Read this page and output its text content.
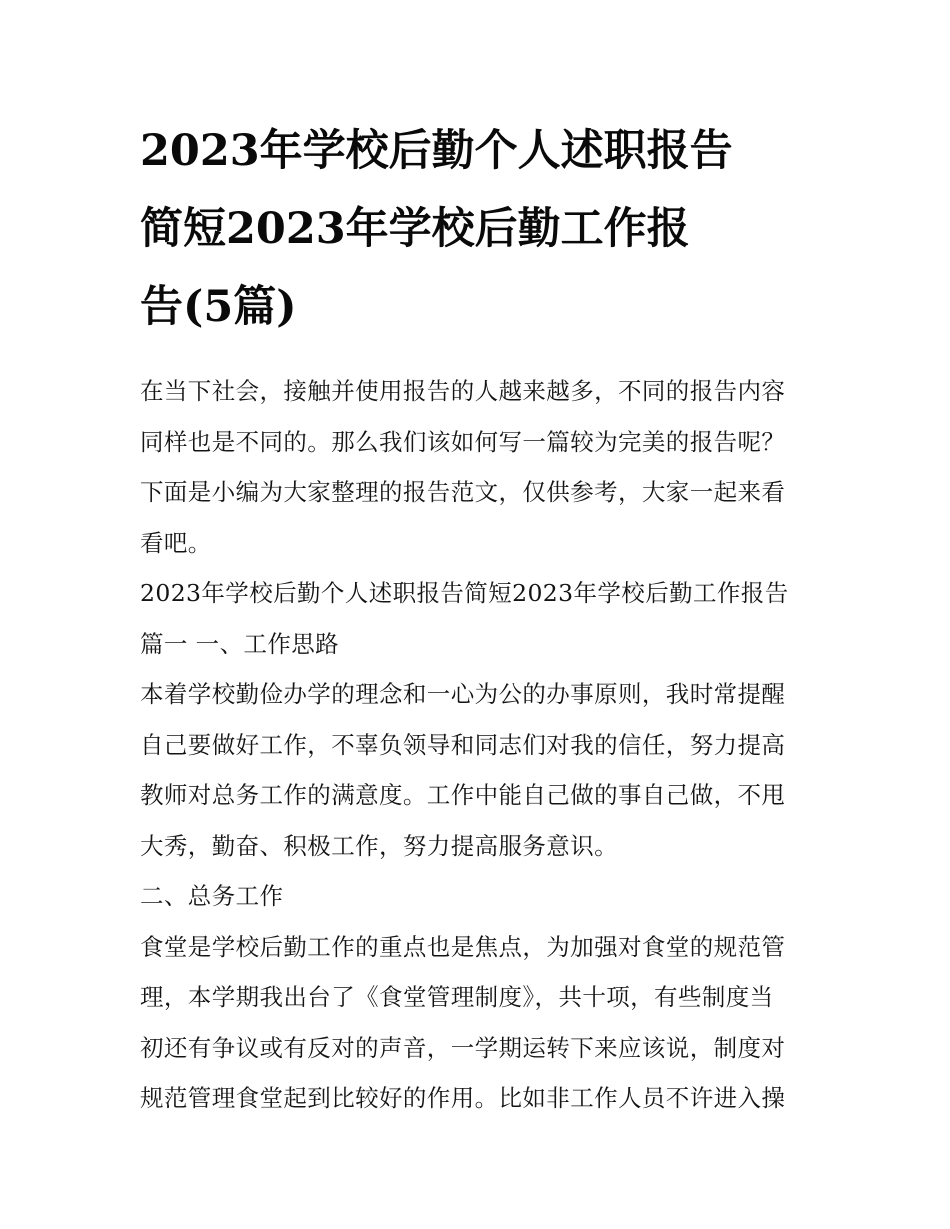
2023年学校后勤个人述职报告
简短2023年学校后勤工作报
告(5篇)
在当下社会，接触并使用报告的人越来越多，不同的报告内容
同样也是不同的。那么我们该如何写一篇较为完美的报告呢？
下面是小编为大家整理的报告范文，仅供参考，大家一起来看
看吧。
2023年学校后勤个人述职报告简短2023年学校后勤工作报告
篇一 一、工作思路
本着学校勤俭办学的理念和一心为公的办事原则，我时常提醒
自己要做好工作，不辜负领导和同志们对我的信任，努力提高
教师对总务工作的满意度。工作中能自己做的事自己做，不甩
大秀，勤奋、积极工作，努力提高服务意识。
二、总务工作
食堂是学校后勤工作的重点也是焦点，为加强对食堂的规范管
理，本学期我出台了《食堂管理制度》，共十项，有些制度当
初还有争议或有反对的声音，一学期运转下来应该说，制度对
规范管理食堂起到比较好的作用。比如非工作人员不许进入操
